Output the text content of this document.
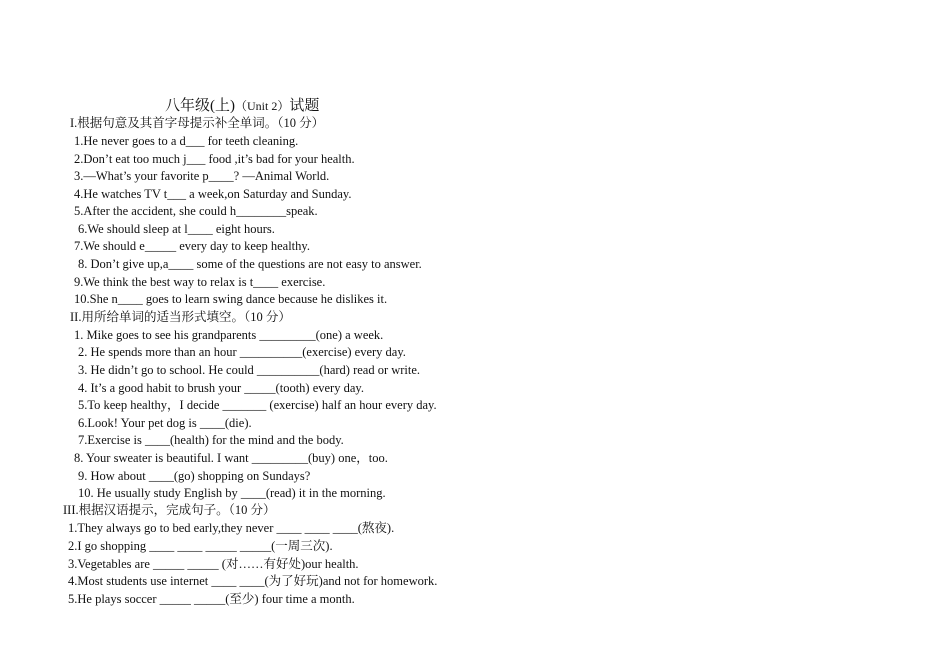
八年级(上)（Unit 2）试题
I.根据句意及其首字母提示补全单词。（10 分）
1.He never goes to a d___ for teeth cleaning.
2.Don’t eat too much j___ food ,it’s bad for your health.
3.—What’s your favorite p____? —Animal World.
4.He watches TV t___ a week,on Saturday and Sunday.
5.After the accident, she could h________speak.
6.We should sleep at l____ eight hours.
7.We should e_____ every day to keep healthy.
8. Don’t give up,a____ some of the questions are not easy to answer.
9.We think the best way to relax is t____ exercise.
10.She n____ goes to learn swing dance because he dislikes it.
II.用所给单词的适当形式填空。（10 分）
1. Mike goes to see his grandparents _________(one) a week.
2. He spends more than an hour __________(exercise) every day.
3. He didn’t go to school. He could __________(hard) read or write.
4. It’s a good habit to brush your _____(tooth) every day.
5.To keep healthy，I decide _______ (exercise) half an hour every day.
6.Look! Your pet dog is ____(die).
7.Exercise is ____(health) for the mind and the body.
8. Your sweater is beautiful. I want _________(buy) one，too.
9. How about ____(go) shopping on Sundays?
10. He usually study English by ____(read) it in the morning.
III.根据汉语提示，完成句子。（10 分）
1.They always go to bed early,they never ____ ____ ____(熬夜).
2.I go shopping ____ ____ _____ _____(一周三次).
3.Vegetables are _____ _____ (对……有好处)our health.
4.Most students use internet ____ ____(为了好玩)and not for homework.
5.He plays soccer _____ _____(至少) four time a month.
